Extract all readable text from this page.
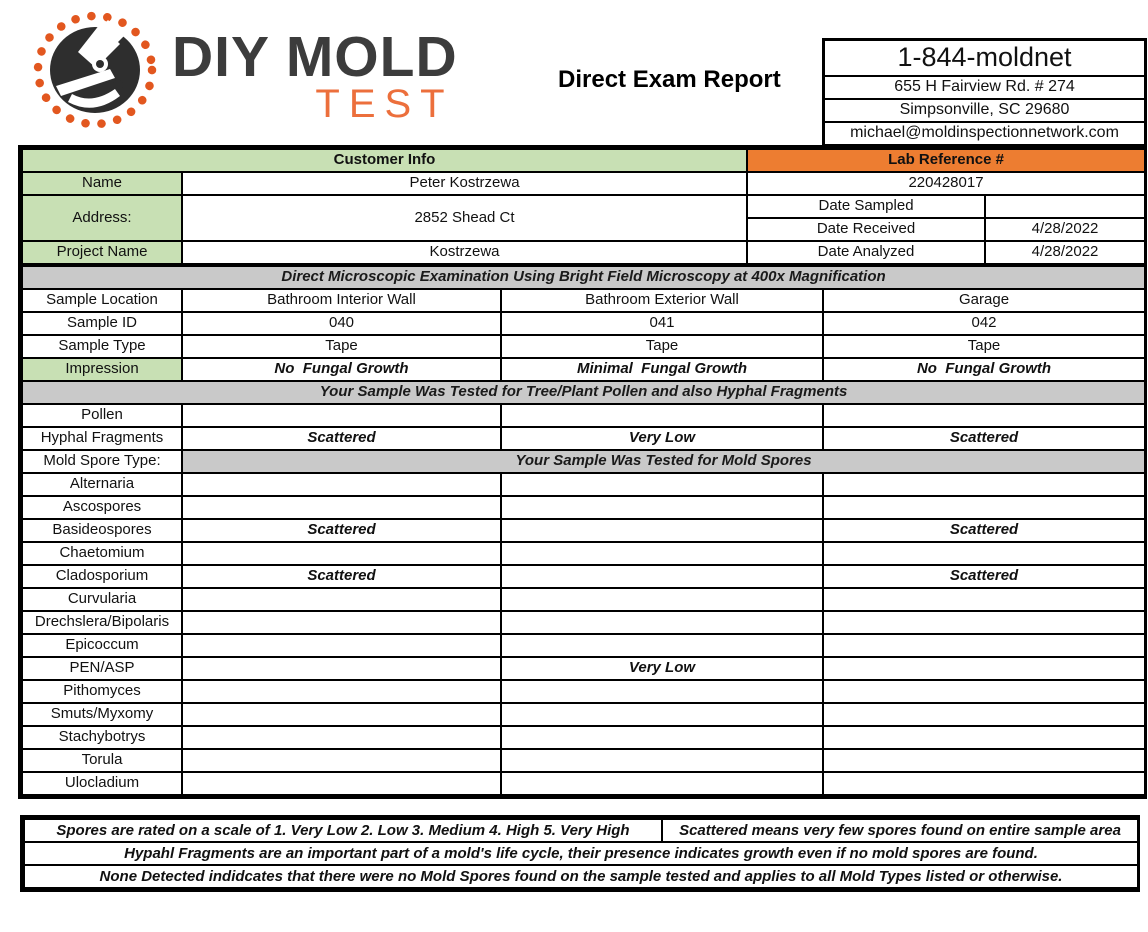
DIY MOLD
TEST
Direct Exam Report
1-844-moldnet
655 H Fairview Rd. # 274
Simpsonville, SC 29680
michael@moldinspectionnetwork.com
Customer Info		Lab Reference #	
Name	Peter Kostrzewa	220428017	
Address:	2852 Shead Ct	Date Sampled	
		Date Received	4/28/2022
Project Name	Kostrzewa	Date Analyzed	4/28/2022
Direct Microscopic Examination Using Bright Field Microscopy at 400x Magnification			
Sample Location	Bathroom Interior Wall	Bathroom Exterior Wall	Garage
Sample ID	040	041	042
Sample Type	Tape	Tape	Tape
Impression	No  Fungal Growth	Minimal  Fungal Growth	No  Fungal Growth
Your Sample Was Tested for Tree/Plant Pollen and also Hyphal Fragments			
Pollen			
Hyphal Fragments	Scattered	Very Low	Scattered
Mold Spore Type:	Your Sample Was Tested for Mold Spores		
Alternaria			
Ascospores			
Basideospores	Scattered		Scattered
Chaetomium			
Cladosporium	Scattered		Scattered
Curvularia			
Drechslera/Bipolaris			
Epicoccum			
PEN/ASP		Very Low	
Pithomyces			
Smuts/Myxomy			
Stachybotrys			
Torula			
Ulocladium			
Spores are rated on a scale of 1. Very Low 2. Low 3. Medium 4. High 5. Very High	Scattered means very few spores found on entire sample area
Hypahl Fragments are an important part of a mold's life cycle, their presence indicates growth even if no mold spores are found.
None Detected indidcates that there were no Mold Spores found on the sample tested and applies to all Mold Types listed or otherwise.
